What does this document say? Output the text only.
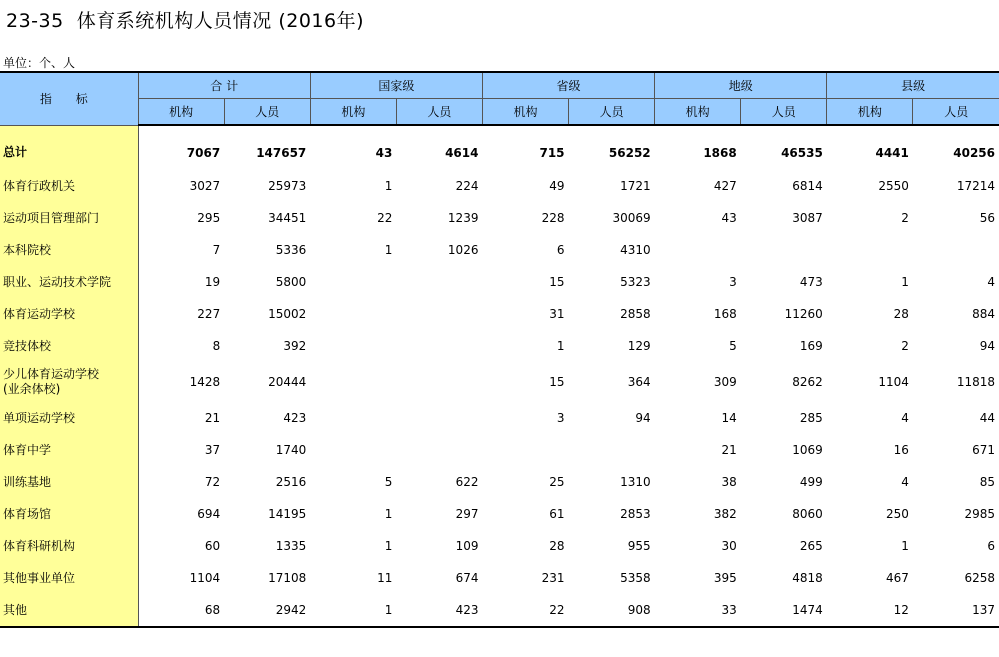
23-35  体育系统机构人员情况 (2016年)
单位：个、人
指 标	合 计		国家级		省级		地级		县级	
	机构	人员	机构	人员	机构	人员	机构	人员	机构	人员
总计	7067	147657	43	4614	715	56252	1868	46535	4441	40256
体育行政机关	3027	25973	1	224	49	1721	427	6814	2550	17214
运动项目管理部门	295	34451	22	1239	228	30069	43	3087	2	56
本科院校	7	5336	1	1026	6	4310				
职业、运动技术学院	19	5800			15	5323	3	473	1	4
体育运动学校	227	15002			31	2858	168	11260	28	884
竞技体校	8	392			1	129	5	169	2	94
少儿体育运动学校
(业余体校)	1428	20444			15	364	309	8262	1104	11818
单项运动学校	21	423			3	94	14	285	4	44
体育中学	37	1740					21	1069	16	671
训练基地	72	2516	5	622	25	1310	38	499	4	85
体育场馆	694	14195	1	297	61	2853	382	8060	250	2985
体育科研机构	60	1335	1	109	28	955	30	265	1	6
其他事业单位	1104	17108	11	674	231	5358	395	4818	467	6258
其他	68	2942	1	423	22	908	33	1474	12	137
